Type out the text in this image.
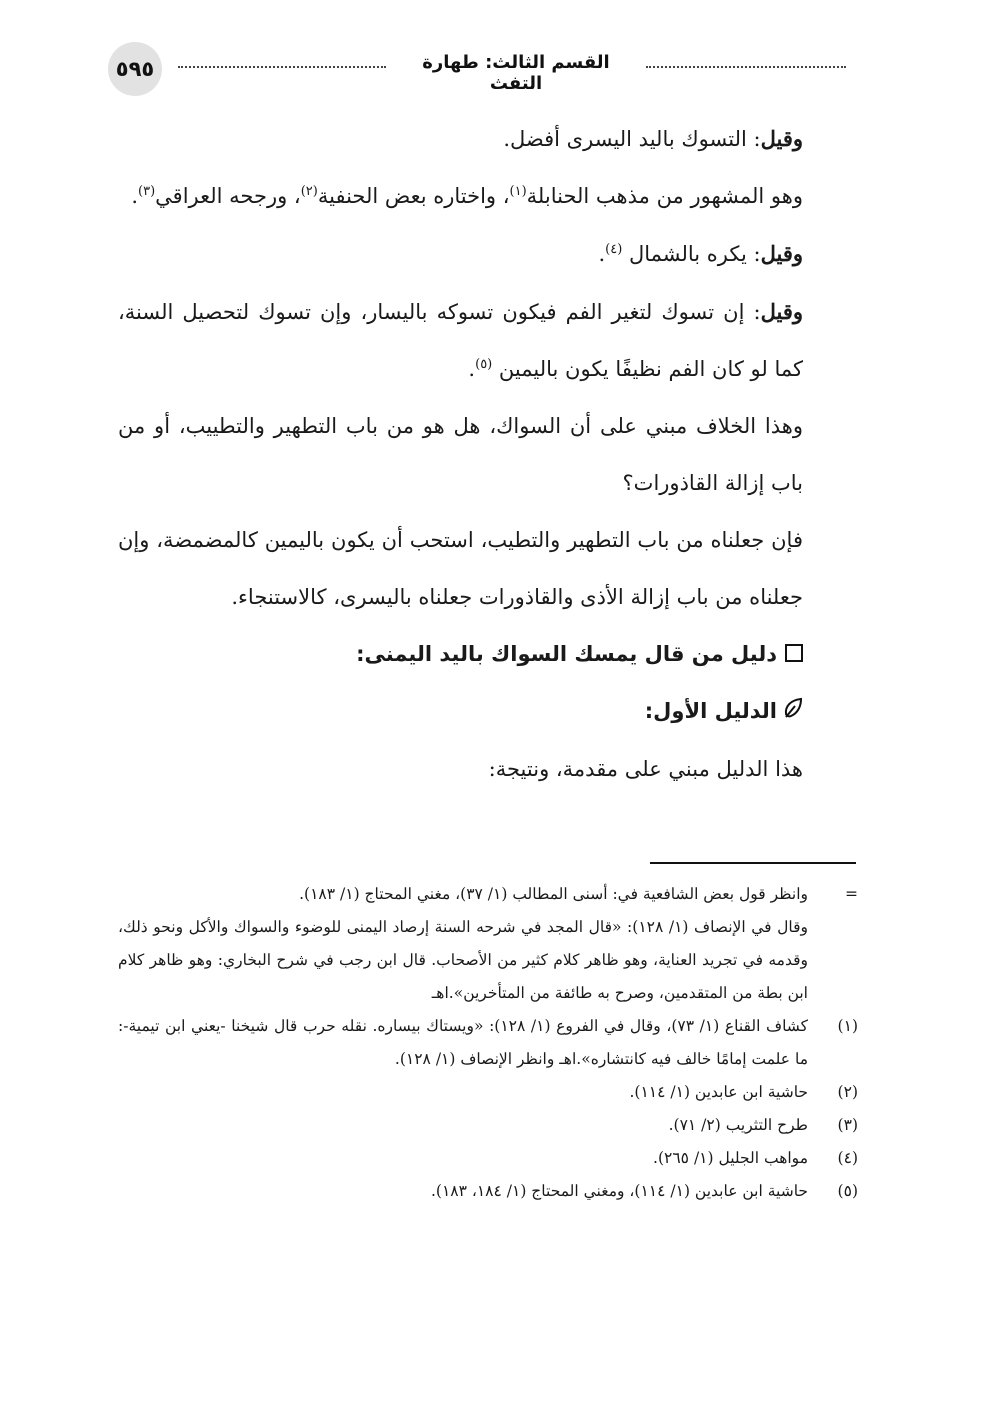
٥٩٥	القسم الثالث: طهارة التفث

وقيل: التسوك باليد اليسرى أفضل.

وهو المشهور من مذهب الحنابلة$^{(١)}$، واختاره بعض الحنفية$^{(٢)}$، ورجحه العراقي$^{(٣)}$.

وقيل: يكره بالشمال $^{(٤)}$.

وقيل: إن تسوك لتغير الفم فيكون تسوكه باليسار، وإن تسوك لتحصيل السنة، كما لو كان الفم نظيفًا يكون باليمين $^{(٥)}$.

وهذا الخلاف مبني على أن السواك، هل هو من باب التطهير والتطييب، أو من باب إزالة القاذورات؟

فإن جعلناه من باب التطهير والتطيب، استحب أن يكون باليمين كالمضمضة، وإن جعلناه من باب إزالة الأذى والقاذورات جعلناه باليسرى، كالاستنجاء.

دليل من قال يمسك السواك باليد اليمنى:

الدليل الأول:

هذا الدليل مبني على مقدمة، ونتيجة:

=
وانظر قول بعض الشافعية في: أسنى المطالب (١/ ٣٧)، مغني المحتاج (١/ ١٨٣).

وقال في الإنصاف (١/ ١٢٨): «قال المجد في شرحه السنة إرصاد اليمنى للوضوء والسواك والأكل ونحو ذلك، وقدمه في تجريد العناية، وهو ظاهر كلام كثير من الأصحاب. قال ابن رجب في شرح البخاري: وهو ظاهر كلام ابن بطة من المتقدمين، وصرح به طائفة من المتأخرين».اهـ

(١)
كشاف القناع (١/ ٧٣)، وقال في الفروع (١/ ١٢٨): «ويستاك بيساره. نقله حرب قال شيخنا -يعني ابن تيمية-: ما علمت إمامًا خالف فيه كانتشاره».اهـ وانظر الإنصاف (١/ ١٢٨).

(٢)
حاشية ابن عابدين (١/ ١١٤).

(٣)
طرح التثريب (٢/ ٧١).

(٤)
مواهب الجليل (١/ ٢٦٥).

(٥)
حاشية ابن عابدين (١/ ١١٤)، ومغني المحتاج (١/ ١٨٤، ١٨٣).
